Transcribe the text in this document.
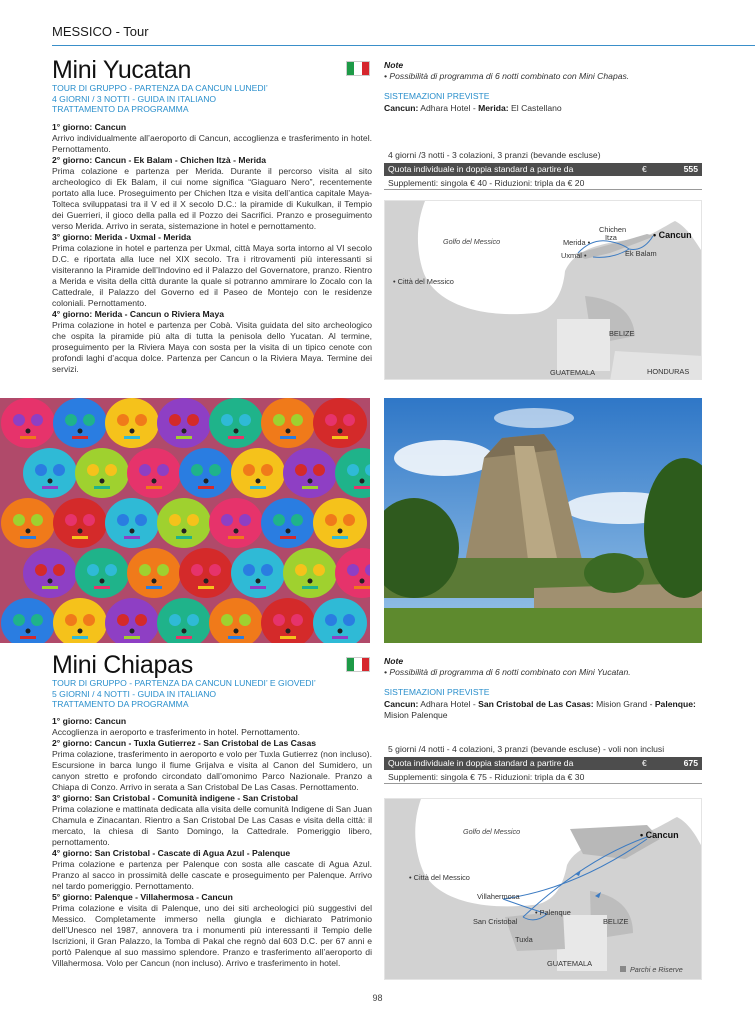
MESSICO - Tour
Mini Yucatan
TOUR DI GRUPPO - PARTENZA DA CANCUN LUNEDI’
4 GIORNI / 3 NOTTI - GUIDA IN ITALIANO
TRATTAMENTO DA PROGRAMMA

1° giorno: Cancun

Arrivo individualmente all’aeroporto di Cancun, accoglienza e trasferimento in hotel. Pernottamento.

2° giorno: Cancun - Ek Balam - Chichen Itzà - Merida

Prima colazione e partenza per Merida. Durante il percorso visita al sito archeologico di Ek Balam, il cui nome significa “Giaguaro Nero”, recentemente portato alla luce. Proseguimento per Chichen Itza e visita dell’antica capitale Maya-Tolteca sviluppatasi tra il V ed il X secolo D.C.: la piramide di Kukulkan, il Tempio dei Guerrieri, il gioco della palla ed il Pozzo dei Sacrifici. Pranzo e proseguimento verso Merida. Arrivo in serata, sistemazione in hotel e pernottamento.

3° giorno: Merida - Uxmal - Merida

Prima colazione in hotel e partenza per Uxmal, città Maya sorta intorno al VI secolo D.C. e riportata alla luce nel XIX secolo. Tra i ritrovamenti più interessanti si visiteranno la Piramide dell’Indovino ed il Palazzo del Governatore, pranzo. Rientro a Merida e visita della città durante la quale si potranno ammirare lo Zocalo con la Cattedrale, il Palazzo del Governo ed il Paseo de Montejo con le residenze coloniali. Pernottamento.

4° giorno: Merida - Cancun o Riviera Maya

Prima colazione in hotel e partenza per Cobà. Visita guidata del sito archeologico che ospita la piramide più alta di tutta la penisola dello Yucatan. Al termine, proseguimento per la Riviera Maya con sosta per la visita di un tipico cenote con profondi laghi d’acqua dolce. Partenza per Cancun o la Riviera Maya. Termine dei servizi.

Note
• Possibilità di programma di 6 notti combinato con Mini Chapas.
SISTEMAZIONI PREVISTE
Cancun: Adhara Hotel - Merida: El Castellano
4 giorni /3 notti - 3 colazioni, 3 pranzi (bevande escluse)
Quota individuale in doppia standard a partire da	€	555
Supplementi: singola € 40 - Riduzioni: tripla da € 20
Golfo del Messico
• Città del Messico
Chichen
Itza	• Cancun
Merida •
Ek Balam
Uxmal •
BELIZE
GUATEMALA	HONDURAS
Mini Chiapas
TOUR DI GRUPPO - PARTENZA DA CANCUN LUNEDI’ E GIOVEDI’
5 GIORNI / 4 NOTTI - GUIDA IN ITALIANO
TRATTAMENTO DA PROGRAMMA

1° giorno: Cancun

Accoglienza in aeroporto e trasferimento in hotel. Pernottamento.

2° giorno: Cancun - Tuxla Gutierrez - San Cristobal de Las Casas

Prima colazione, trasferimento in aeroporto e volo per Tuxla Gutierrez (non incluso). Escursione in barca lungo il fiume Grijalva e visita al Canon del Sumidero, un canyon stretto e profondo circondato dall’omonimo Parco Nazionale. Pranzo a Chiapa di Conzo. Arrivo in serata a San Cristobal De Las Casas. Pernottamento.

3° giorno: San Cristobal - Comunità indigene - San Cristobal

Prima colazione e mattinata dedicata alla visita delle comunità Indigene di San Juan Chamula e Zinacantan. Rientro a San Cristobal De Las Casas e visita della città: il mercato, la chiesa di Santo Domingo, la Cattedrale. Pomeriggio libero, pernottamento.

4° giorno: San Cristobal - Cascate di Agua Azul - Palenque

Prima colazione e partenza per Palenque con sosta alle cascate di Agua Azul. Pranzo al sacco in prossimità delle cascate e proseguimento per Palenque. Arrivo nel tardo pomeriggio. Pernottamento.

5° giorno: Palenque - Villahermosa - Cancun

Prima colazione e visita di Palenque, uno dei siti archeologici più suggestivi del Messico. Completamente immerso nella giungla e dichiarato Patrimonio dell’Unesco nel 1987, annovera tra i monumenti più interessanti il Tempio delle Iscrizioni, il Gran Palazzo, la Tomba di Pakal che regnò dal 603 D.C. per 67 anni e portò Palenque al suo massimo splendore. Pranzo e trasferimento all’aeroporto di Villahermosa. Volo per Cancun (non incluso). Arrivo e trasferimento in hotel.

Note
• Possibilità di programma di 6 notti combinato con Mini Yucatan.
SISTEMAZIONI PREVISTE
Cancun: Adhara Hotel - San Cristobal de Las Casas: Mision Grand - Palenque: Mision Palenque
5 giorni /4 notti - 4 colazioni, 3 pranzi (bevande escluse) - voli non inclusi
Quota individuale in doppia standard a partire da	€	675
Supplementi: singola € 75 - Riduzioni: tripla da € 30
Golfo del Messico
• Città del Messico
• Cancun
Villahermosa
• Palenque
San Cristobal
Tuxla
BELIZE
GUATEMALA
Parchi e Riserve
98
